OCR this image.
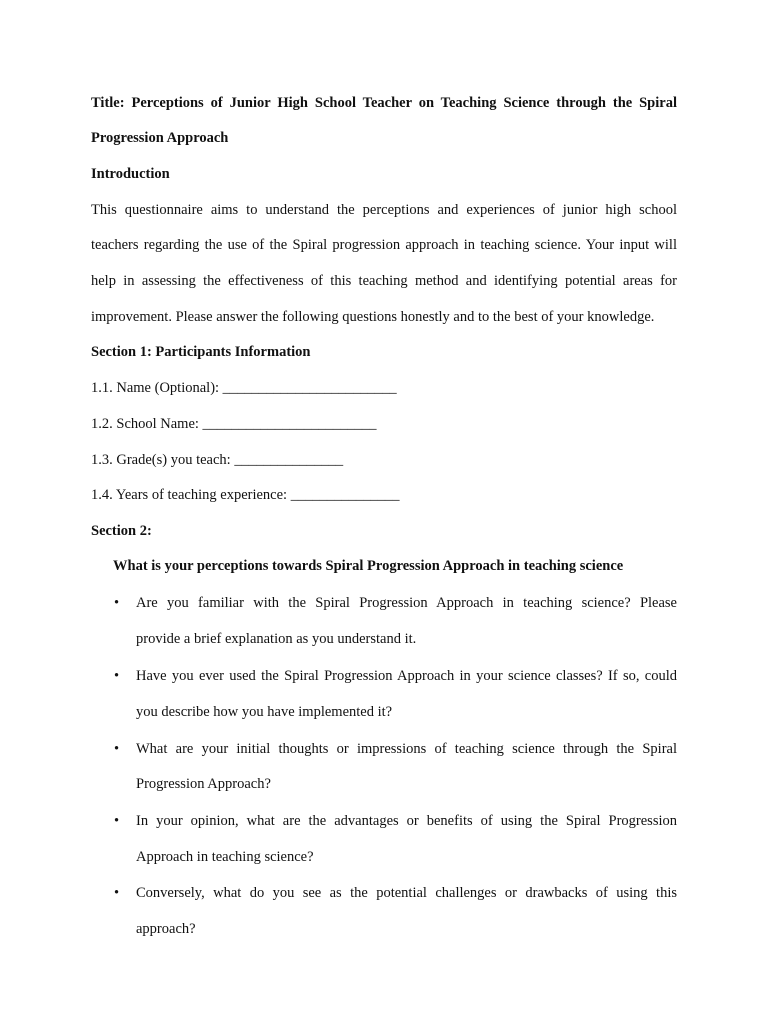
Title: Perceptions of Junior High School Teacher on Teaching Science through the Spiral
Progression Approach
Introduction
This questionnaire aims to understand the perceptions and experiences of junior high school
teachers regarding the use of the Spiral progression approach in teaching science. Your input will
help in assessing the effectiveness of this teaching method and identifying potential areas for
improvement. Please answer the following questions honestly and to the best of your knowledge.
Section 1: Participants Information
1.1. Name (Optional): ________________________
1.2. School Name: ________________________
1.3. Grade(s) you teach: _______________
1.4. Years of teaching experience: _______________
Section 2:
What is your perceptions towards Spiral Progression Approach in teaching science
• Are you familiar with the Spiral Progression Approach in teaching science? Please
provide a brief explanation as you understand it.
• Have you ever used the Spiral Progression Approach in your science classes? If so, could
you describe how you have implemented it?
• What are your initial thoughts or impressions of teaching science through the Spiral
Progression Approach?
• In your opinion, what are the advantages or benefits of using the Spiral Progression
Approach in teaching science?
• Conversely, what do you see as the potential challenges or drawbacks of using this
approach?
